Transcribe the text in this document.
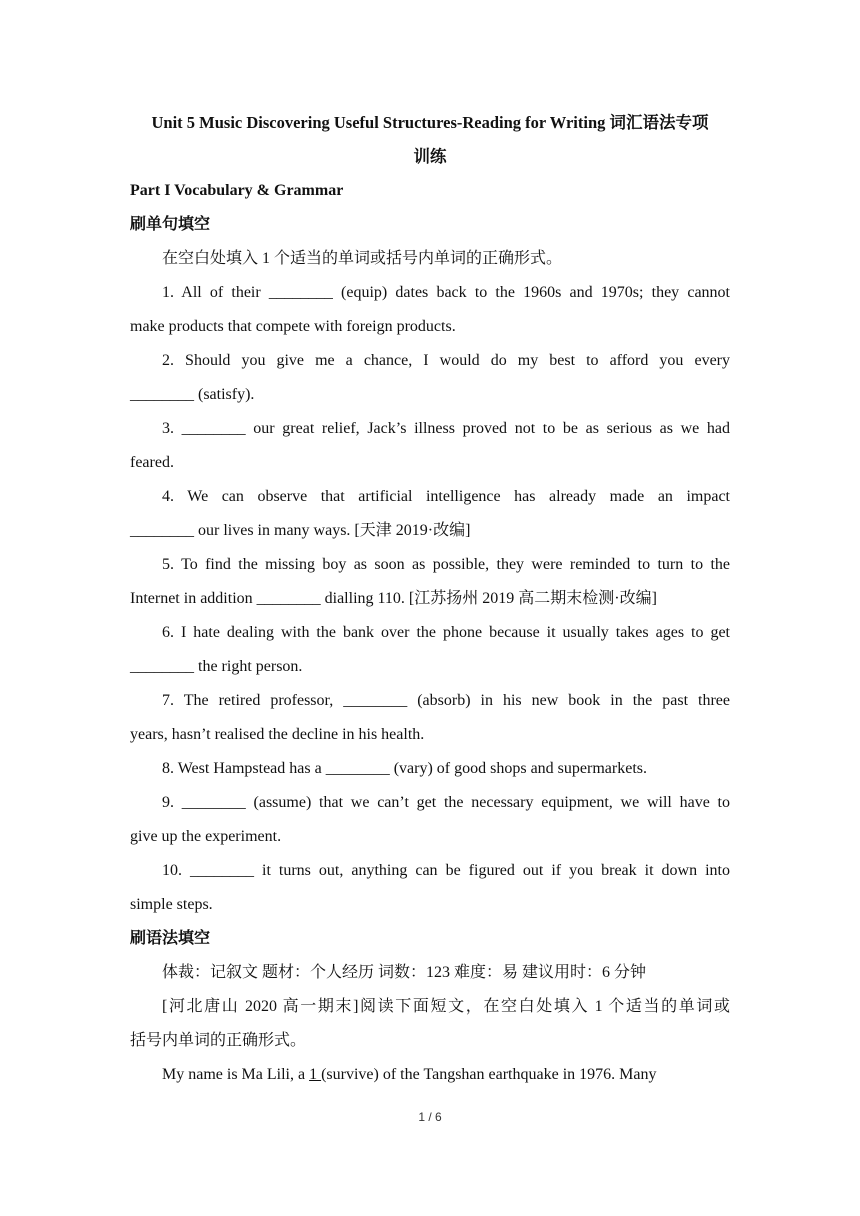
Unit 5 Music Discovering Useful Structures-Reading for Writing 词汇语法专项
训练

Part I Vocabulary & Grammar

刷单句填空

在空白处填入 1 个适当的单词或括号内单词的正确形式。

1. All of their ________ (equip) dates back to the 1960s and 1970s; they cannot

make products that compete with foreign products.

2. Should you give me a chance, I would do my best to afford you every

________ (satisfy).

3. ________ our great relief, Jack’s illness proved not to be as serious as we had

feared.

4. We can observe that artificial intelligence has already made an impact

________ our lives in many ways. [天津 2019·改编]

5. To find the missing boy as soon as possible, they were reminded to turn to the

Internet in addition ________ dialling 110. [江苏扬州 2019 高二期末检测·改编]

6. I hate dealing with the bank over the phone because it usually takes ages to get

________ the right person.

7. The retired professor, ________ (absorb) in his new book in the past three

years, hasn’t realised the decline in his health.

8. West Hampstead has a ________ (vary) of good shops and supermarkets.

9. ________ (assume) that we can’t get the necessary equipment, we will have to

give up the experiment.

10. ________ it turns out, anything can be figured out if you break it down into

simple steps.

刷语法填空

体裁：记叙文 题材：个人经历 词数：123 难度：易 建议用时：6 分钟

[河北唐山 2020 高一期末]阅读下面短文，在空白处填入 1 个适当的单词或

括号内单词的正确形式。

My name is Ma Lili, a 1 (survive) of the Tangshan earthquake in 1976. Many

1 / 6
